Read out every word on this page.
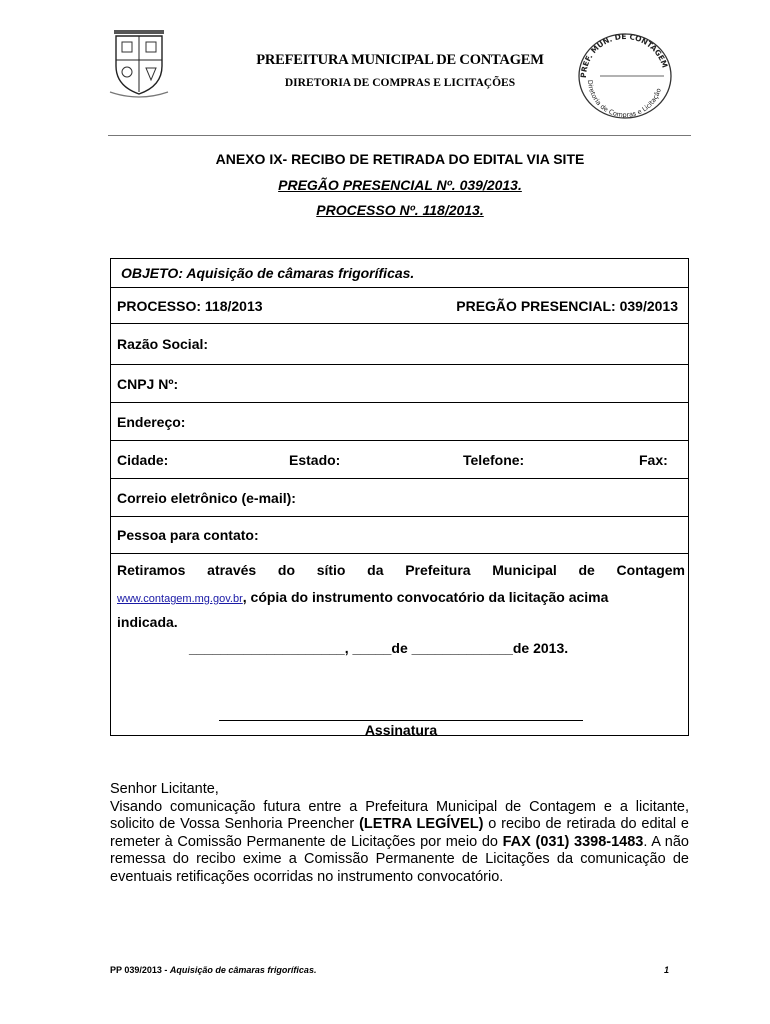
PREFEITURA MUNICIPAL DE CONTAGEM
DIRETORIA DE COMPRAS E LICITAÇÕES
PREF. MUN. DE CONTAGEM
Diretoria de Compras e Licitação
ANEXO IX- RECIBO DE RETIRADA DO EDITAL VIA SITE
PREGÃO PRESENCIAL Nº. 039/2013.
PROCESSO Nº. 118/2013.
OBJETO: Aquisição de câmaras frigoríficas.
PROCESSO: 118/2013	PREGÃO PRESENCIAL: 039/2013
Razão Social:
CNPJ Nº:
Endereço:
Cidade:	Estado:	Telefone:	Fax:
Correio eletrônico (e-mail):
Pessoa para contato:
Retiramos através do sítio da Prefeitura Municipal de Contagem
www.contagem.mg.gov.br, cópia do instrumento convocatório da licitação acima
indicada.
____________________, _____de _____________de 2013.
Assinatura

Senhor Licitante,

Visando comunicação futura entre a Prefeitura Municipal de Contagem e a licitante, solicito de Vossa Senhoria Preencher (LETRA LEGÍVEL) o recibo de retirada do edital e remeter à Comissão Permanente de Licitações por meio do FAX (031) 3398-1483. A não remessa do recibo exime a Comissão Permanente de Licitações da comunicação de eventuais retificações ocorridas no instrumento convocatório.

PP 039/2013 - Aquisição de câmaras frigoríficas.	1
